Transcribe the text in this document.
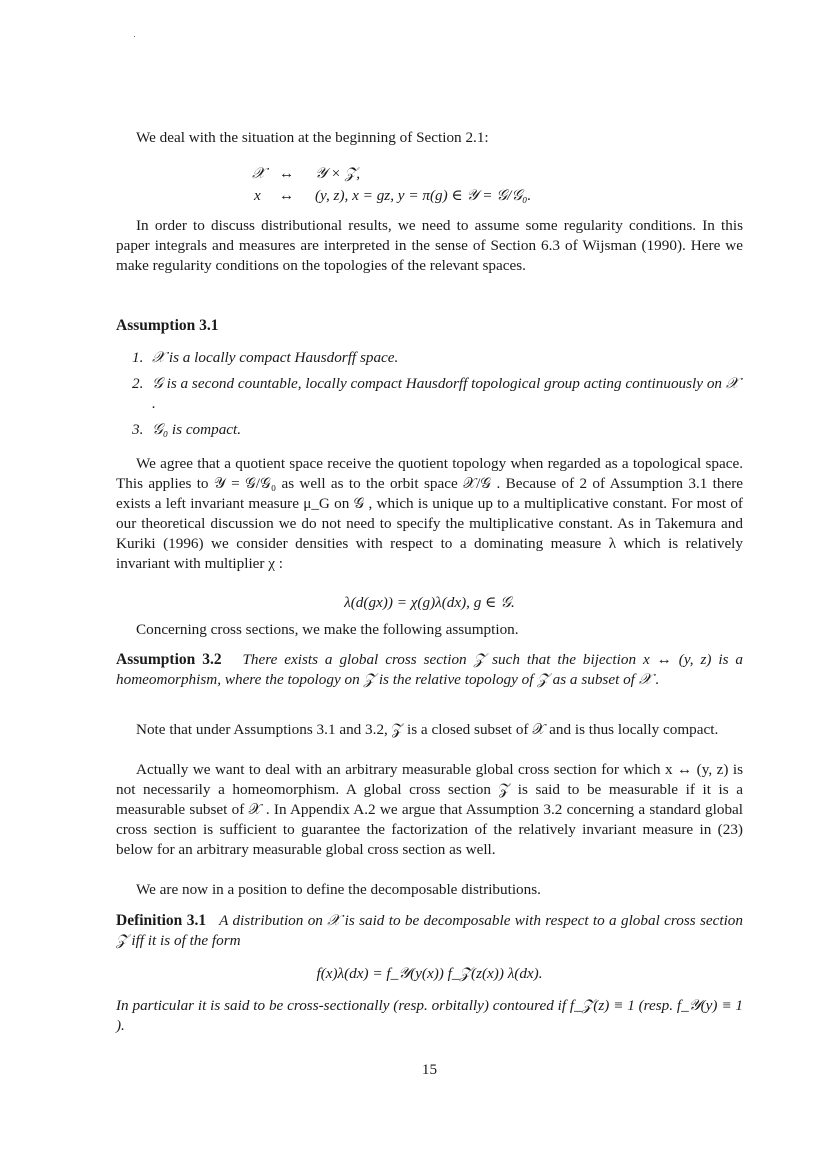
We deal with the situation at the beginning of Section 2.1:

𝒳 ↔ 𝒴 × 𝒵,
x ↔ (y, z), x = gz, y = π(g) ∈ 𝒴 = 𝒢/𝒢₀.

In order to discuss distributional results, we need to assume some regularity conditions. In this paper integrals and measures are interpreted in the sense of Section 6.3 of Wijsman (1990). Here we make regularity conditions on the topologies of the relevant spaces.

Assumption 3.1
1. 𝒳 is a locally compact Hausdorff space.
2. 𝒢 is a second countable, locally compact Hausdorff topological group acting continuously on 𝒳 .
3. 𝒢₀ is compact.

We agree that a quotient space receive the quotient topology when regarded as a topological space. This applies to 𝒴 = 𝒢/𝒢₀ as well as to the orbit space 𝒳/𝒢 . Because of 2 of Assumption 3.1 there exists a left invariant measure μ_G on 𝒢 , which is unique up to a multiplicative constant. For most of our theoretical discussion we do not need to specify the multiplicative constant. As in Takemura and Kuriki (1996) we consider densities with respect to a dominating measure λ which is relatively invariant with multiplier χ :

λ(d(gx)) = χ(g)λ(dx), g ∈ 𝒢.

Concerning cross sections, we make the following assumption.

Assumption 3.2 There exists a global cross section 𝒵 such that the bijection x ↔ (y, z) is a homeomorphism, where the topology on 𝒵 is the relative topology of 𝒵 as a subset of 𝒳 .

Note that under Assumptions 3.1 and 3.2, 𝒵 is a closed subset of 𝒳 and is thus locally compact.

Actually we want to deal with an arbitrary measurable global cross section for which x ↔ (y, z) is not necessarily a homeomorphism. A global cross section 𝒵 is said to be measurable if it is a measurable subset of 𝒳 . In Appendix A.2 we argue that Assumption 3.2 concerning a standard global cross section is sufficient to guarantee the factorization of the relatively invariant measure in (23) below for an arbitrary measurable global cross section as well.

We are now in a position to define the decomposable distributions.

Definition 3.1 A distribution on 𝒳 is said to be decomposable with respect to a global cross section 𝒵 iff it is of the form

f(x)λ(dx) = f_𝒴(y(x)) f_𝒵(z(x)) λ(dx).

In particular it is said to be cross-sectionally (resp. orbitally) contoured if f_𝒵(z) ≡ 1 (resp. f_𝒴(y) ≡ 1 ).

15
